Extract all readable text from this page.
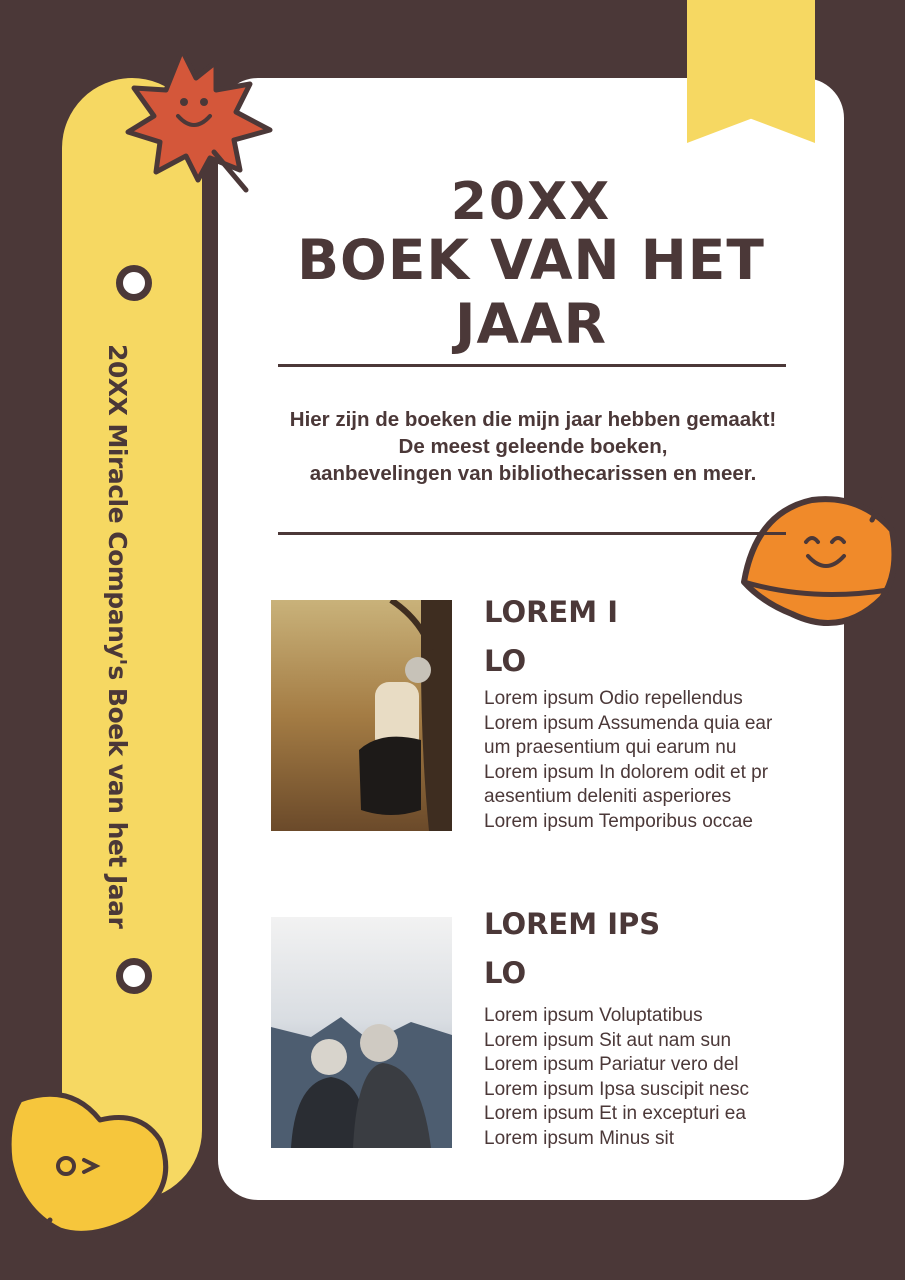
20XX Miracle Company's Boek van het Jaar
20XX
BOEK VAN HET JAAR
Hier zijn de boeken die mijn jaar hebben gemaakt!
De meest geleende boeken,
aanbevelingen van bibliothecarissen en meer.
LOREM I
LO
Lorem ipsum Odio repellendus
Lorem ipsum Assumenda quia ear
um praesentium qui earum nu
Lorem ipsum In dolorem odit et pr
aesentium deleniti asperiores
Lorem ipsum Temporibus occae
LOREM IPS
LO
Lorem ipsum Voluptatibus
Lorem ipsum Sit aut nam sun
Lorem ipsum Pariatur vero del
Lorem ipsum Ipsa suscipit nesc
Lorem ipsum Et in excepturi ea
Lorem ipsum Minus sit
